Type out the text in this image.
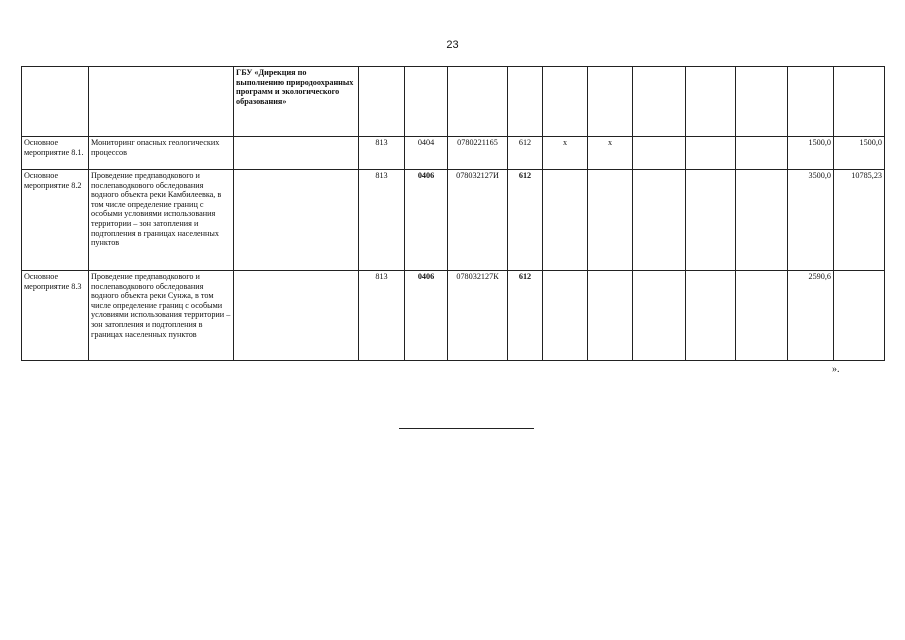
23
		ГБУ «Дирекция по выполнению природоохранных программ и экологического образования»											
Основное мероприятие 8.1.	Мониторинг опасных геологических процессов		813	0404	0780221165	612	х	х				1500,0	1500,0
Основное мероприятие 8.2	Проведение предпаводкового и послепаводкового обследования водного объекта реки Камбилеевка, в том числе определение границ с особыми условиями использования территории – зон затопления и подтопления в границах населенных пунктов		813	0406	078032127И	612						3500,0	10785,23
Основное мероприятие 8.3	Проведение предпаводкового и послепаводкового обследования водного объекта реки Сунжа, в том числе определение границ с особыми условиями использования территории – зон затопления и подтопления в границах населенных пунктов		813	0406	078032127К	612						2590,6	
».
